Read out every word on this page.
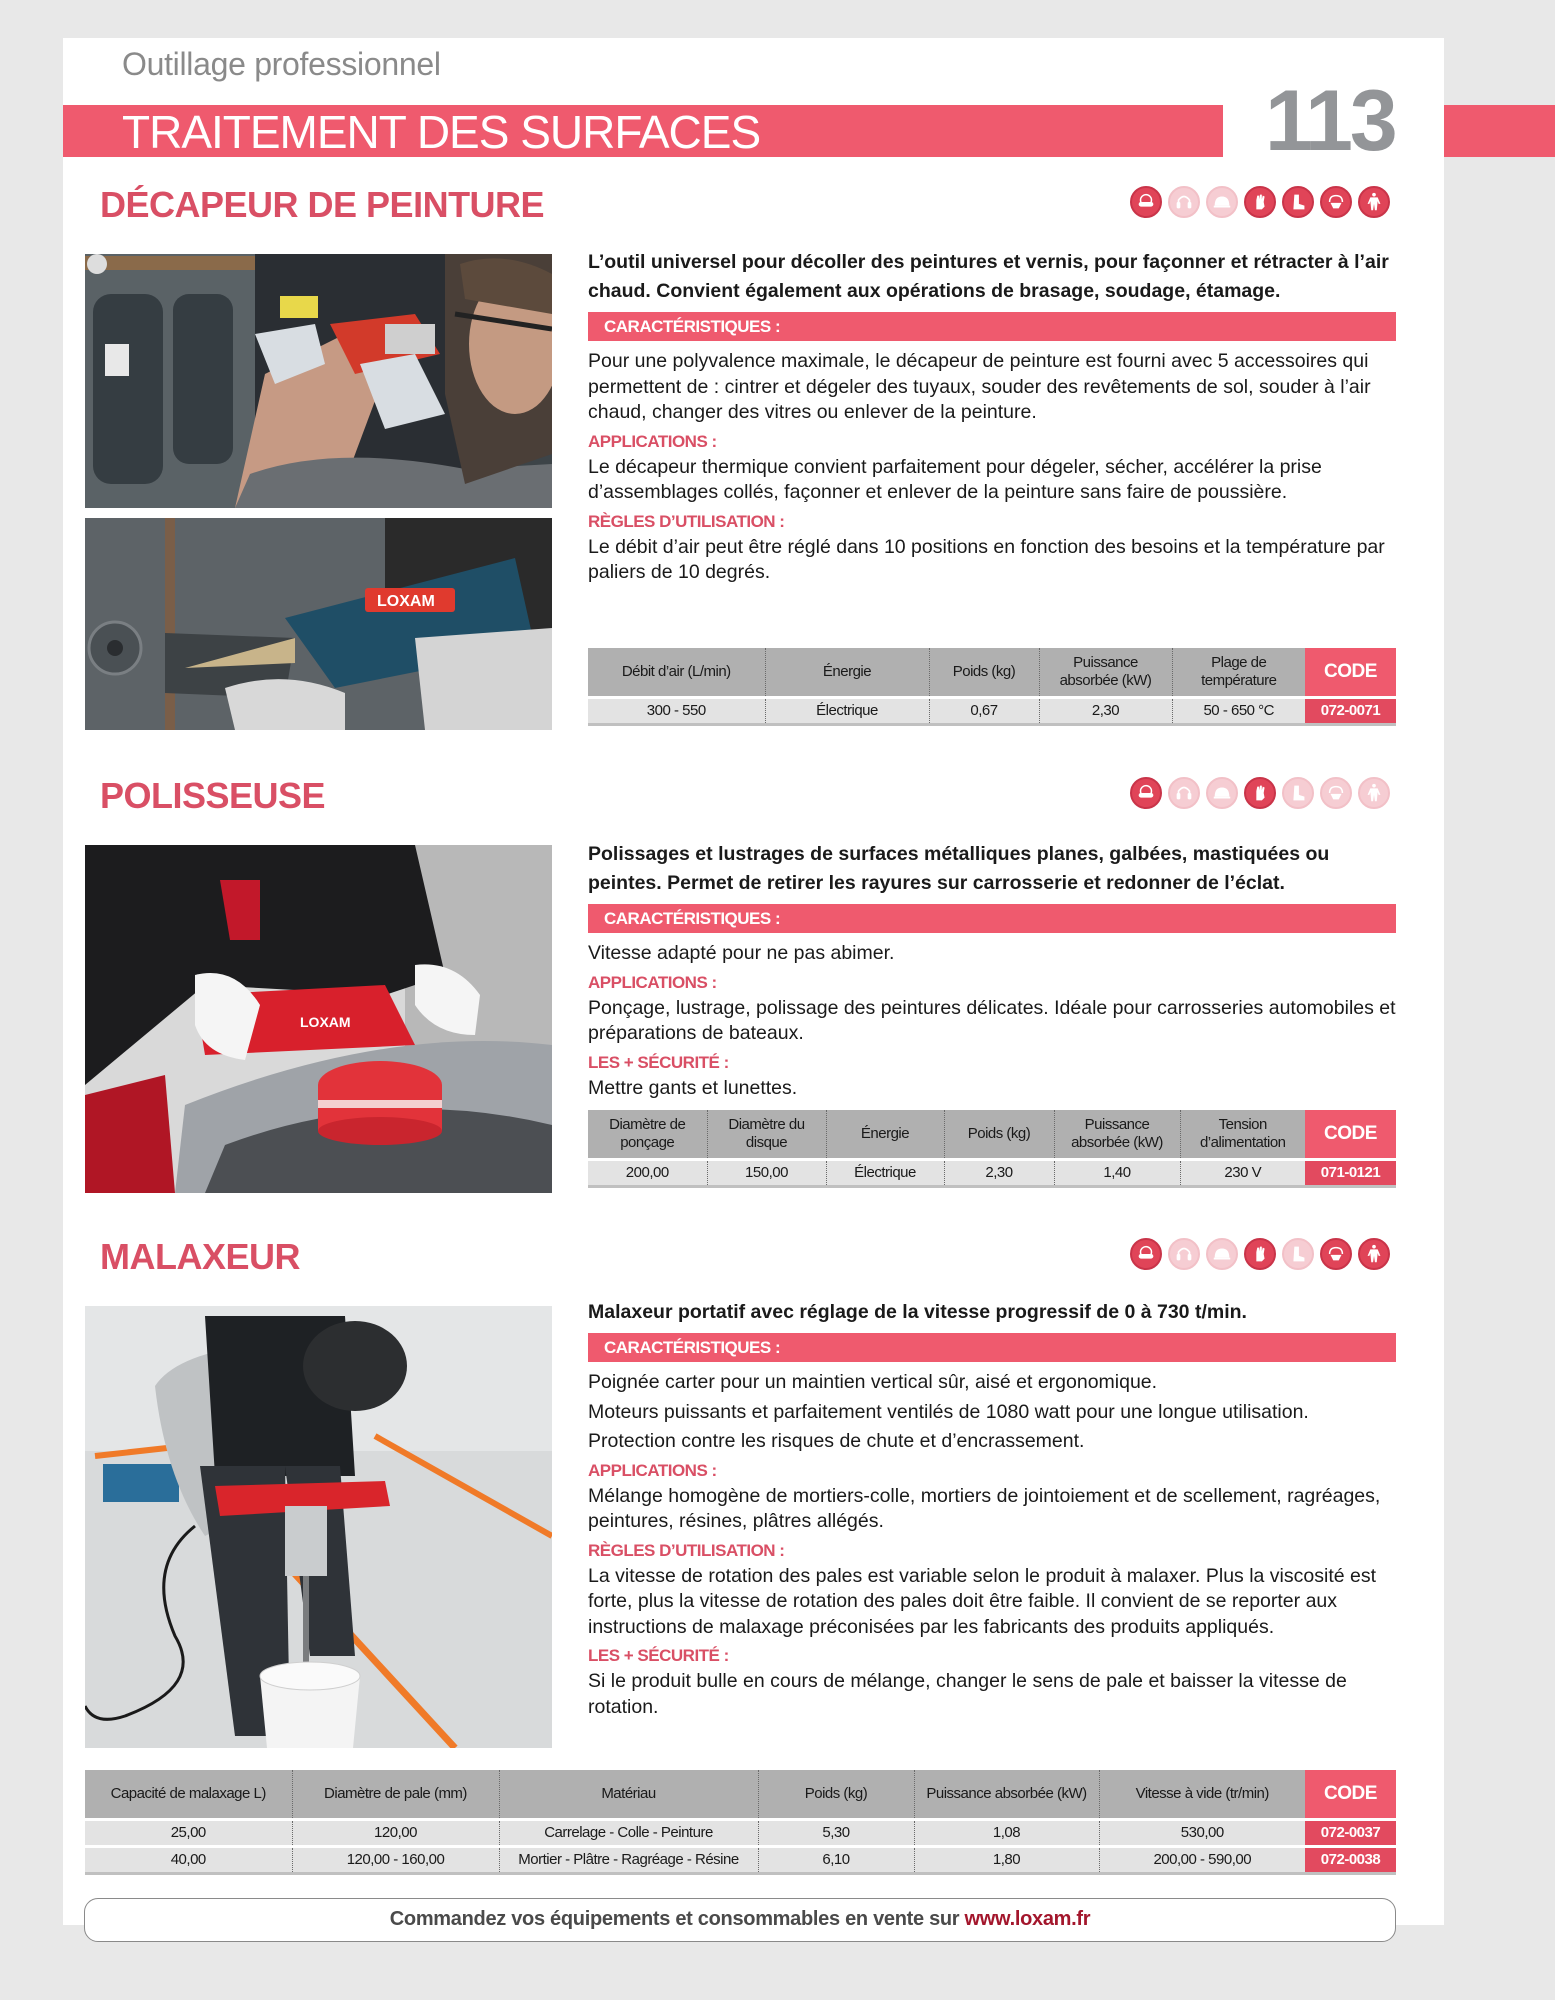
Outillage professionnel
TRAITEMENT DES SURFACES	113
DÉCAPEUR DE PEINTURE
LOXAM
L’outil universel pour décoller des peintures et vernis, pour façonner et rétracter à l’air chaud. Convient également aux opérations de brasage, soudage, étamage.
CARACTÉRISTIQUES :
Pour une polyvalence maximale, le décapeur de peinture est fourni avec 5 accessoires qui permettent de : cintrer et dégeler des tuyaux, souder des revêtements de sol, souder à l’air chaud, changer des vitres ou enlever de la peinture.
APPLICATIONS :
Le décapeur thermique convient parfaitement pour dégeler, sécher, accélérer la prise d’assemblages collés, façonner et enlever de la peinture sans faire de poussière.
RÈGLES D’UTILISATION :
Le débit d’air peut être réglé dans 10 positions en fonction des besoins et la température par paliers de 10 degrés.
Débit d’air (L/min)	Énergie	Poids (kg)	Puissance absorbée (kW)	Plage de température	CODE
300 - 550	Électrique	0,67	2,30	50 - 650 °C	072-0071
POLISSEUSE
LOXAM
Polissages et lustrages de surfaces métalliques planes, galbées, mastiquées ou peintes. Permet de retirer les rayures sur carrosserie et redonner de l’éclat.
CARACTÉRISTIQUES :
Vitesse adapté pour ne pas abimer.
APPLICATIONS :
Ponçage, lustrage, polissage des peintures délicates. Idéale pour carrosseries automobiles et préparations de bateaux.
LES + SÉCURITÉ :
Mettre gants et lunettes.
Diamètre de ponçage	Diamètre du disque	Énergie	Poids (kg)	Puissance absorbée (kW)	Tension d’alimentation	CODE
200,00	150,00	Électrique	2,30	1,40	230 V	071-0121
MALAXEUR
Malaxeur portatif avec réglage de la vitesse progressif de 0 à 730 t/min.
CARACTÉRISTIQUES :
Poignée carter pour un maintien vertical sûr, aisé et ergonomique.
Moteurs puissants et parfaitement ventilés de 1080 watt pour une longue utilisation.
Protection contre les risques de chute et d’encrassement.
APPLICATIONS :
Mélange homogène de mortiers-colle, mortiers de jointoiement et de scellement, ragréages, peintures, résines, plâtres allégés.
RÈGLES D’UTILISATION :
La vitesse de rotation des pales est variable selon le produit à malaxer. Plus la viscosité est forte, plus la vitesse de rotation des pales doit être faible. Il convient de se reporter aux instructions de malaxage préconisées par les fabricants des produits appliqués.
LES + SÉCURITÉ :
Si le produit bulle en cours de mélange, changer le sens de pale et baisser la vitesse de rotation.
Capacité de malaxage L)	Diamètre de pale (mm)	Matériau	Poids (kg)	Puissance absorbée (kW)	Vitesse à vide (tr/min)	CODE
25,00	120,00	Carrelage - Colle - Peinture	5,30	1,08	530,00	072-0037
40,00	120,00 - 160,00	Mortier - Plâtre - Ragréage - Résine	6,10	1,80	200,00 - 590,00	072-0038
Commandez vos équipements et consommables en vente sur www.loxam.fr
